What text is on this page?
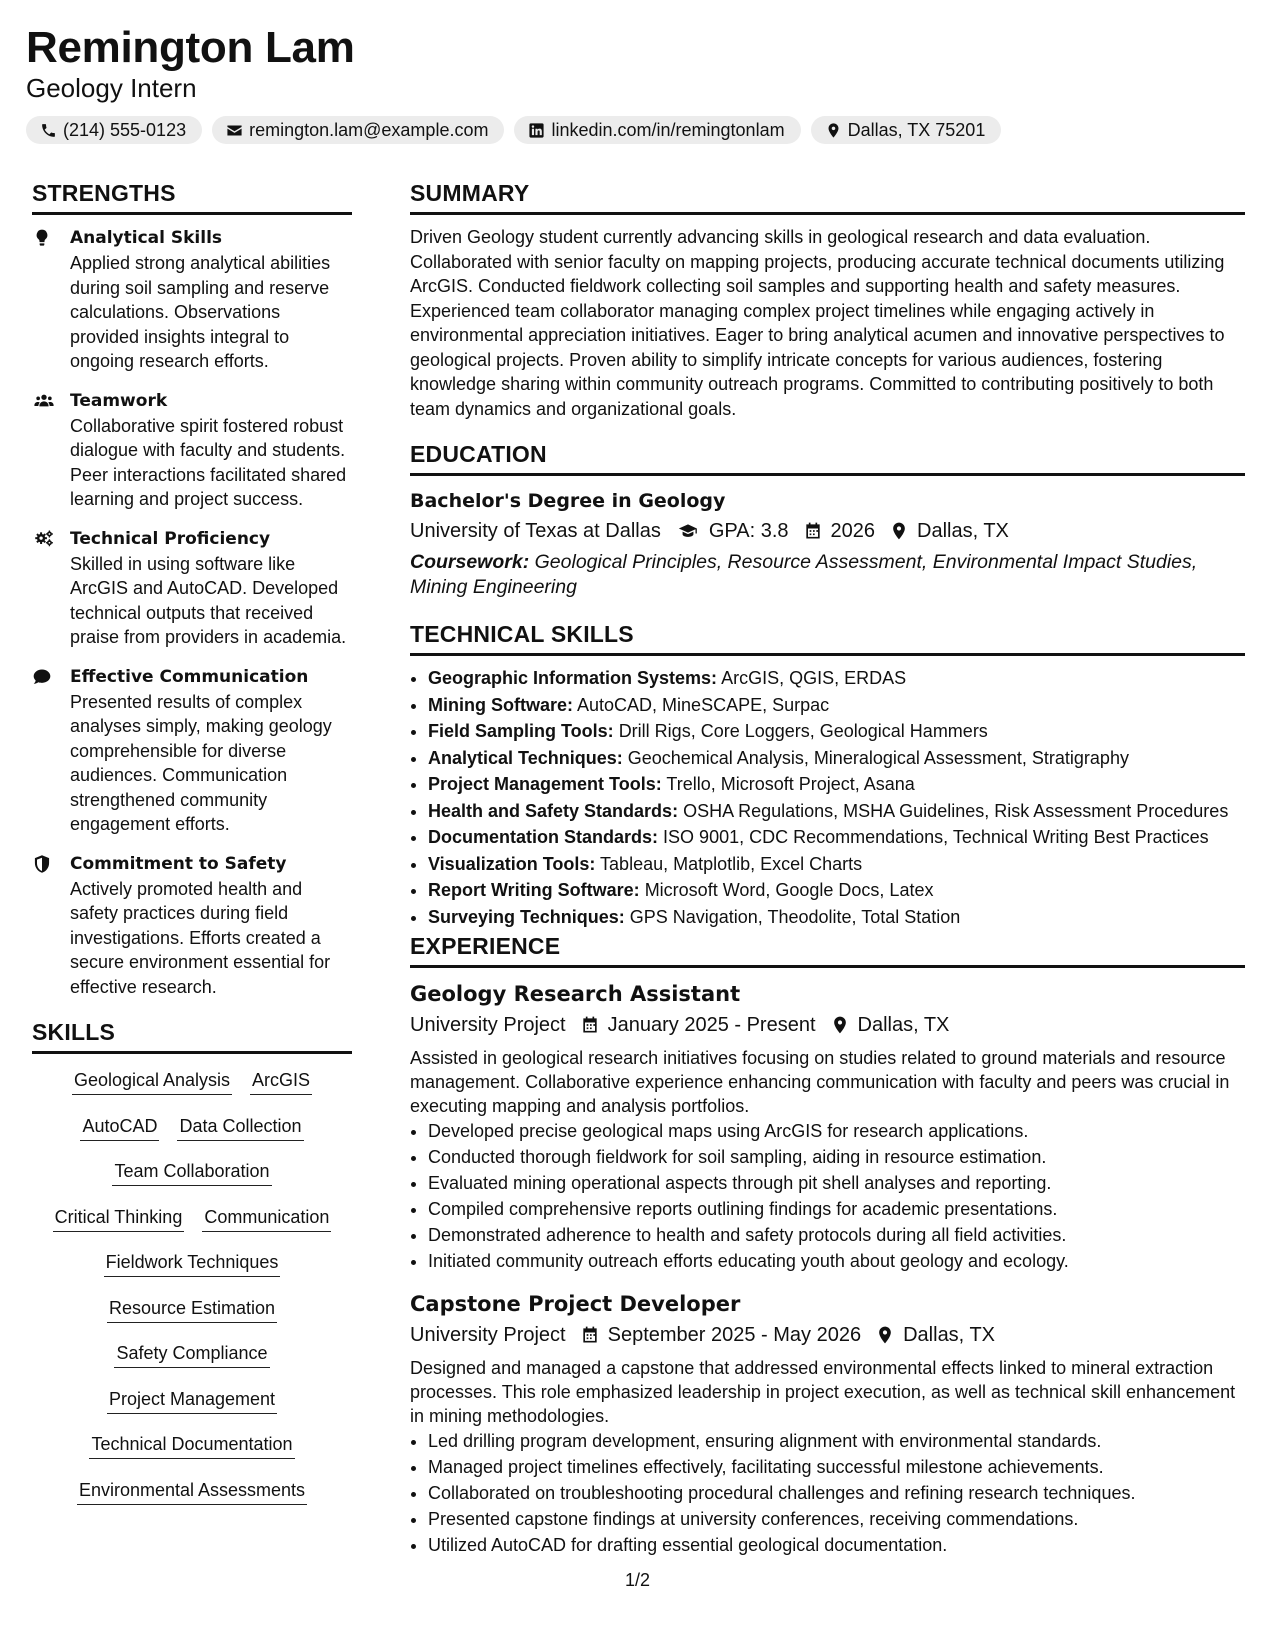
Remington Lam
Geology Intern
(214) 555-0123	remington.lam@example.com	linkedin.com/in/remingtonlam	Dallas, TX 75201
STRENGTHS
Analytical Skills
Applied strong analytical abilities during soil sampling and reserve calculations. Observations provided insights integral to ongoing research efforts.
Teamwork
Collaborative spirit fostered robust dialogue with faculty and students. Peer interactions facilitated shared learning and project success.
Technical Proficiency
Skilled in using software like ArcGIS and AutoCAD. Developed technical outputs that received praise from providers in academia.
Effective Communication
Presented results of complex analyses simply, making geology comprehensible for diverse audiences. Communication strengthened community engagement efforts.
Commitment to Safety
Actively promoted health and safety practices during field investigations. Efforts created a secure environment essential for effective research.
SKILLS
Geological Analysis ArcGIS
AutoCAD Data Collection
Team Collaboration
Critical Thinking Communication
Fieldwork Techniques
Resource Estimation
Safety Compliance
Project Management
Technical Documentation
Environmental Assessments
SUMMARY
Driven Geology student currently advancing skills in geological research and data evaluation. Collaborated with senior faculty on mapping projects, producing accurate technical documents utilizing ArcGIS. Conducted fieldwork collecting soil samples and supporting health and safety measures. Experienced team collaborator managing complex project timelines while engaging actively in environmental appreciation initiatives. Eager to bring analytical acumen and innovative perspectives to geological projects. Proven ability to simplify intricate concepts for various audiences, fostering knowledge sharing within community outreach programs. Committed to contributing positively to both team dynamics and organizational goals.
EDUCATION
Bachelor's Degree in Geology
University of Texas at Dallas GPA: 3.8 2026 Dallas, TX
Coursework: Geological Principles, Resource Assessment, Environmental Impact Studies, Mining Engineering
TECHNICAL SKILLS
• Geographic Information Systems: ArcGIS, QGIS, ERDAS
• Mining Software: AutoCAD, MineSCAPE, Surpac
• Field Sampling Tools: Drill Rigs, Core Loggers, Geological Hammers
• Analytical Techniques: Geochemical Analysis, Mineralogical Assessment, Stratigraphy
• Project Management Tools: Trello, Microsoft Project, Asana
• Health and Safety Standards: OSHA Regulations, MSHA Guidelines, Risk Assessment Procedures
• Documentation Standards: ISO 9001, CDC Recommendations, Technical Writing Best Practices
• Visualization Tools: Tableau, Matplotlib, Excel Charts
• Report Writing Software: Microsoft Word, Google Docs, Latex
• Surveying Techniques: GPS Navigation, Theodolite, Total Station
EXPERIENCE
Geology Research Assistant
University Project January 2025 - Present Dallas, TX
Assisted in geological research initiatives focusing on studies related to ground materials and resource management. Collaborative experience enhancing communication with faculty and peers was crucial in executing mapping and analysis portfolios.
• Developed precise geological maps using ArcGIS for research applications.
• Conducted thorough fieldwork for soil sampling, aiding in resource estimation.
• Evaluated mining operational aspects through pit shell analyses and reporting.
• Compiled comprehensive reports outlining findings for academic presentations.
• Demonstrated adherence to health and safety protocols during all field activities.
• Initiated community outreach efforts educating youth about geology and ecology.
Capstone Project Developer
University Project September 2025 - May 2026 Dallas, TX
Designed and managed a capstone that addressed environmental effects linked to mineral extraction processes. This role emphasized leadership in project execution, as well as technical skill enhancement in mining methodologies.
• Led drilling program development, ensuring alignment with environmental standards.
• Managed project timelines effectively, facilitating successful milestone achievements.
• Collaborated on troubleshooting procedural challenges and refining research techniques.
• Presented capstone findings at university conferences, receiving commendations.
• Utilized AutoCAD for drafting essential geological documentation.
1/2
